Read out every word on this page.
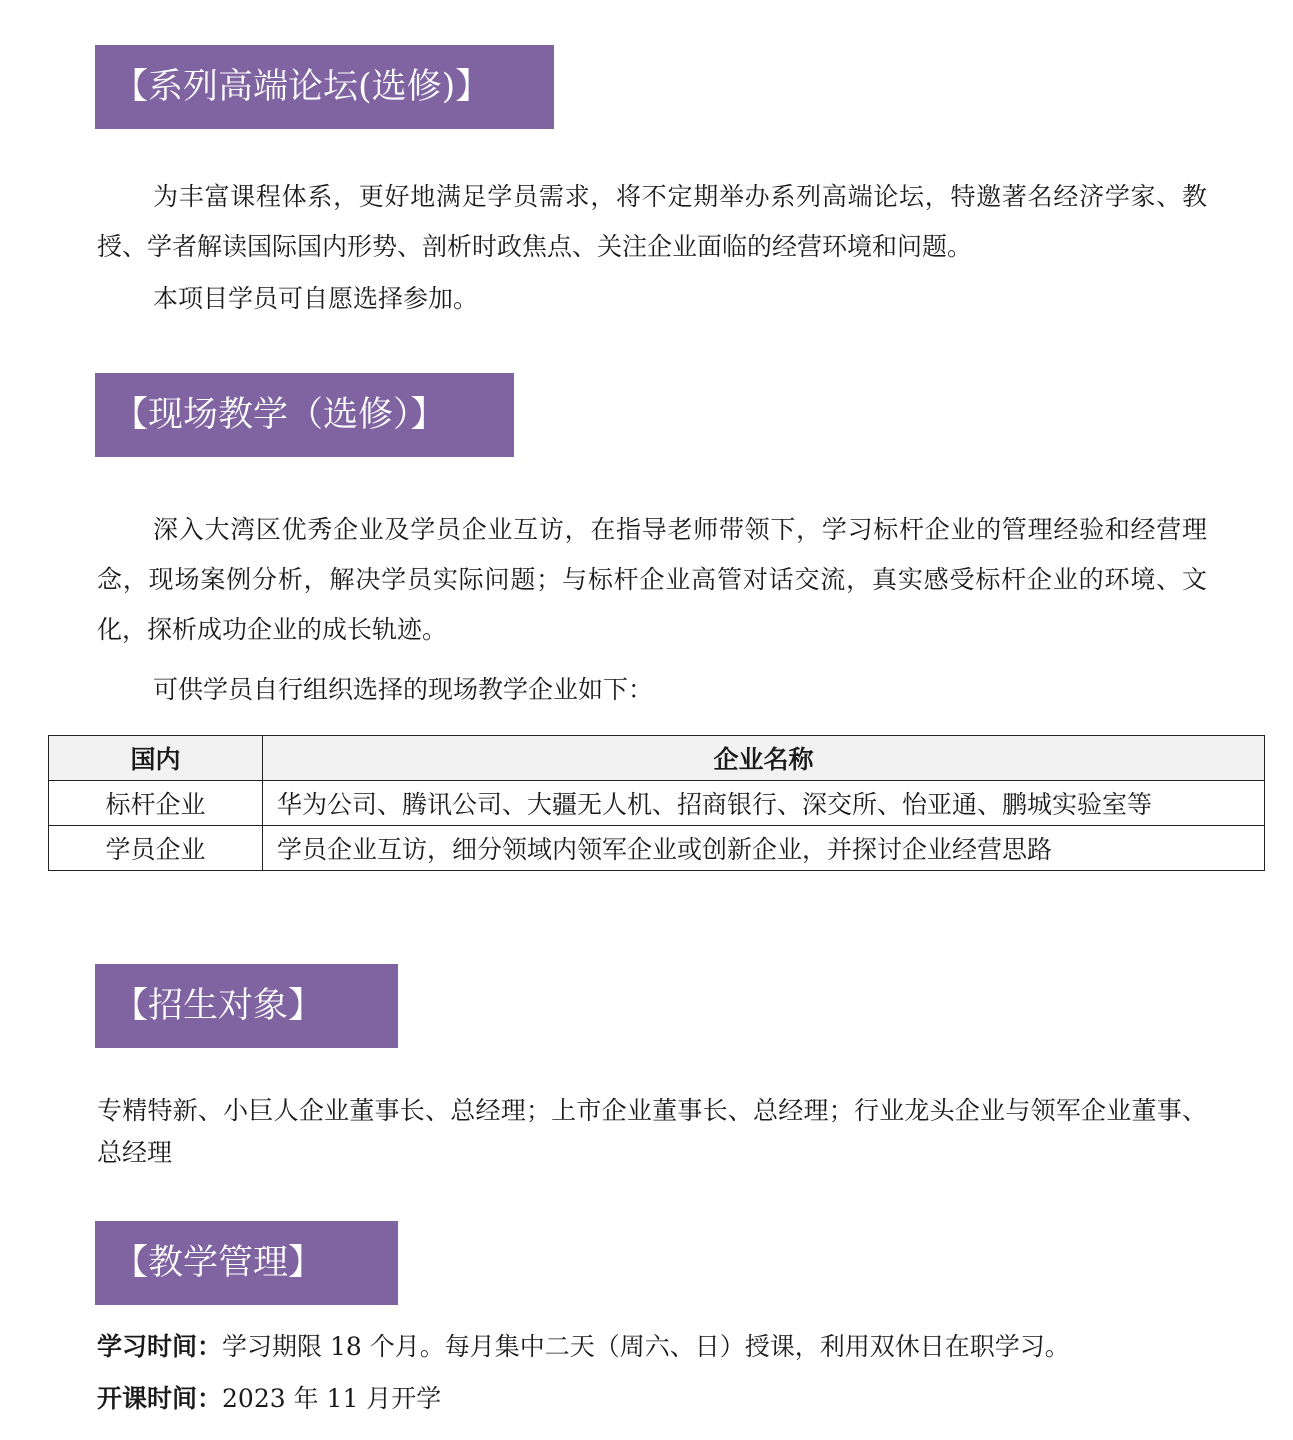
【系列高端论坛(选修)】

为丰富课程体系，更好地满足学员需求，将不定期举办系列高端论坛，特邀著名经济学家、教授、学者解读国际国内形势、剖析时政焦点、关注企业面临的经营环境和问题。

本项目学员可自愿选择参加。

【现场教学（选修）】

深入大湾区优秀企业及学员企业互访，在指导老师带领下，学习标杆企业的管理经验和经营理念，现场案例分析，解决学员实际问题；与标杆企业高管对话交流，真实感受标杆企业的环境、文化，探析成功企业的成长轨迹。

可供学员自行组织选择的现场教学企业如下：

国内	企业名称
标杆企业	华为公司、腾讯公司、大疆无人机、招商银行、深交所、怡亚通、鹏城实验室等
学员企业	学员企业互访，细分领域内领军企业或创新企业，并探讨企业经营思路
【招生对象】

专精特新、小巨人企业董事长、总经理；上市企业董事长、总经理；行业龙头企业与领军企业董事、总经理

【教学管理】

学习时间：学习期限 18 个月。每月集中二天（周六、日）授课，利用双休日在职学习。

开课时间：2023 年 11 月开学
